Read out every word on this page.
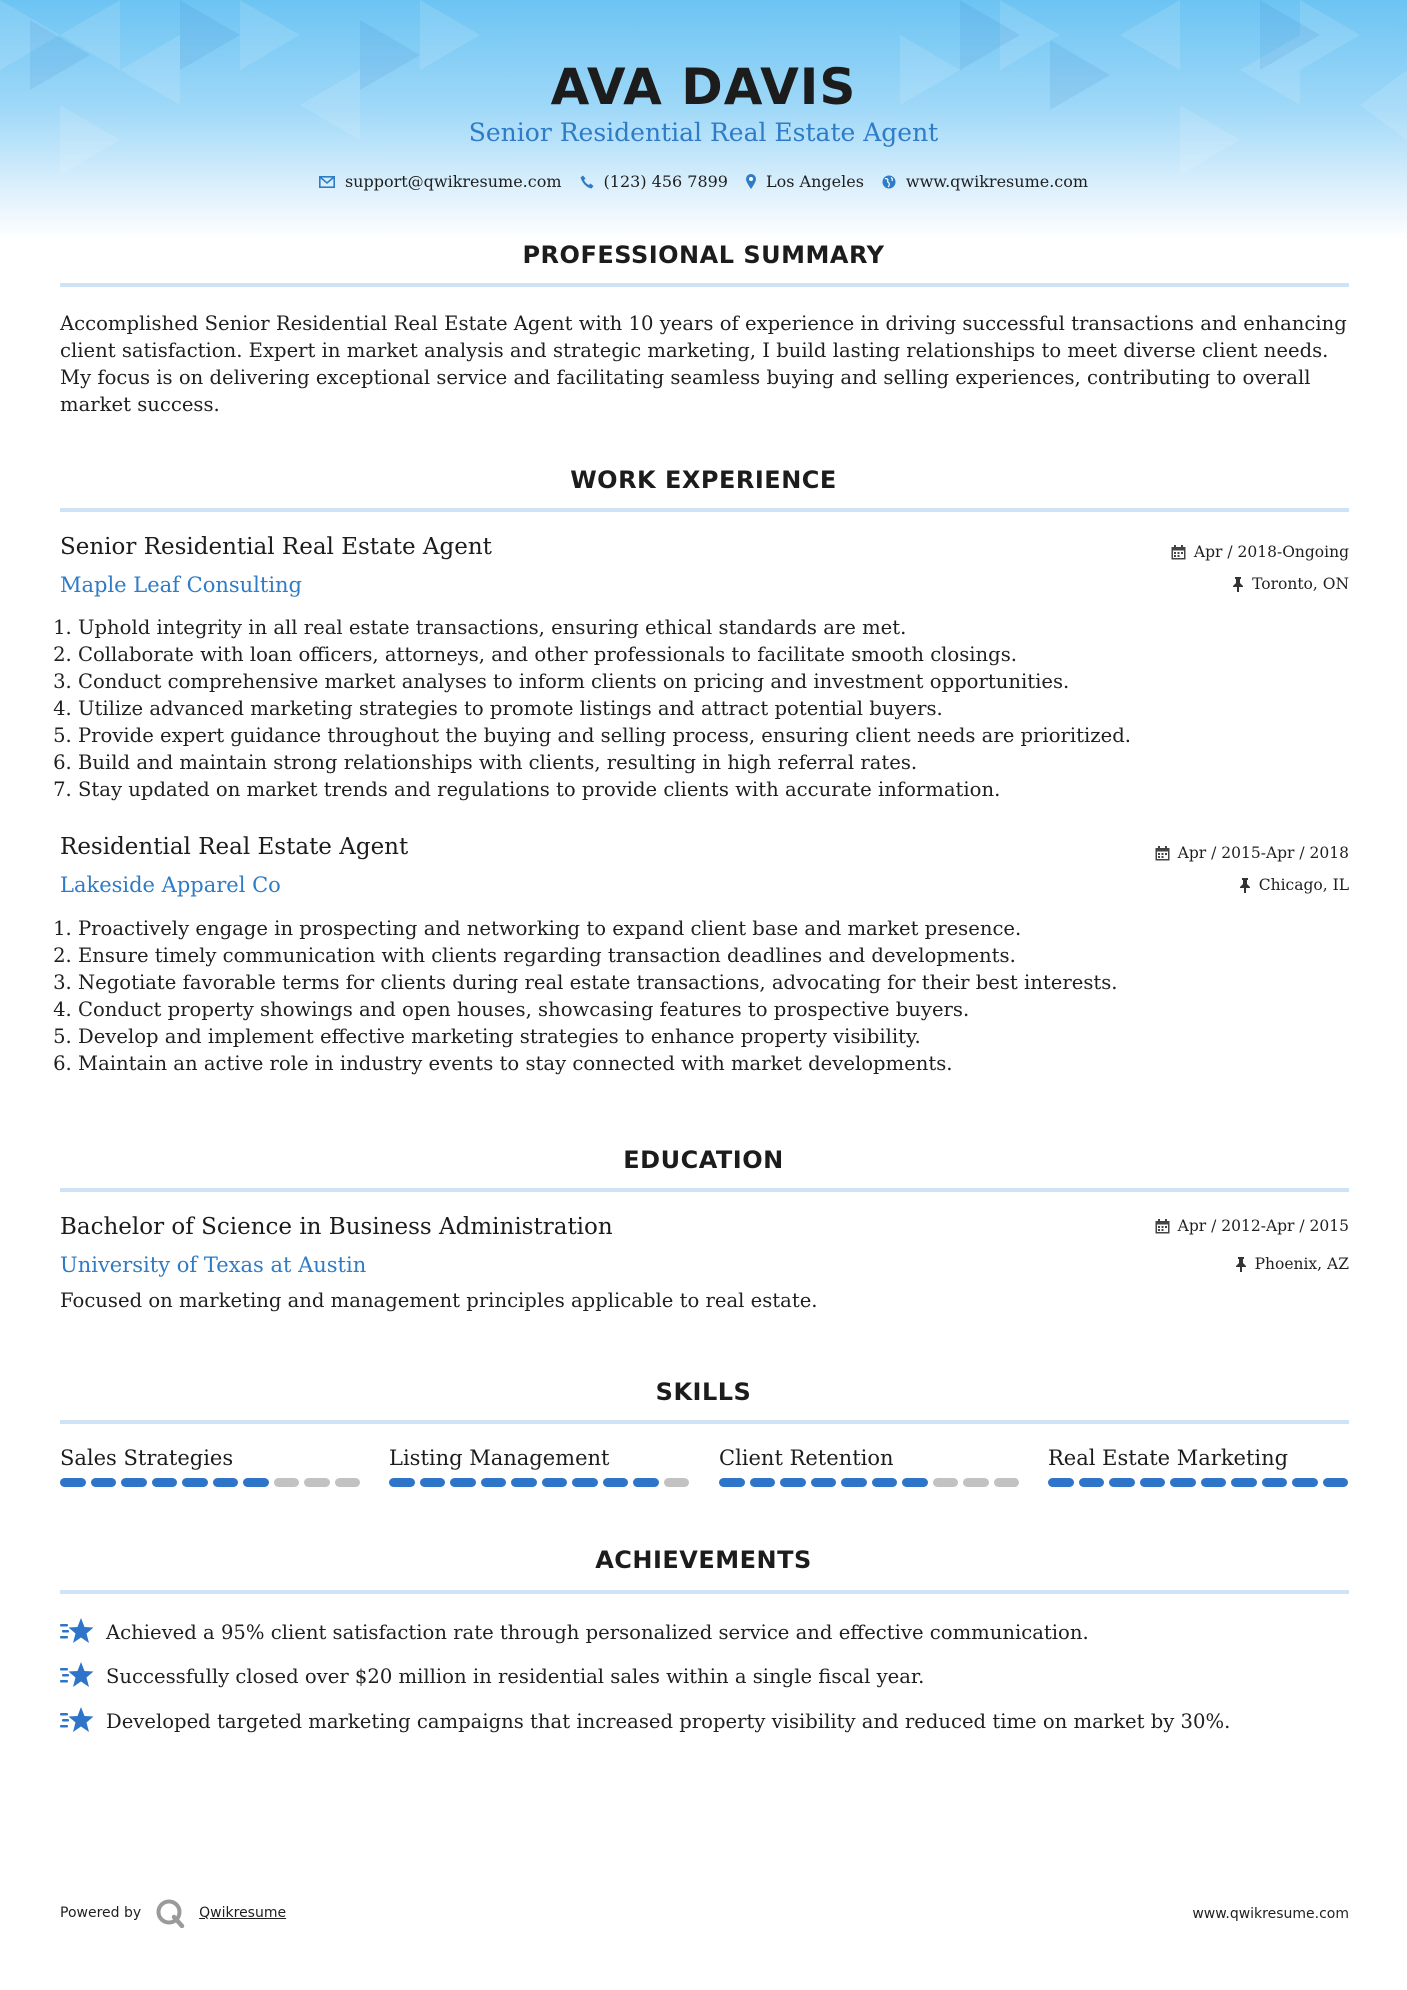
AVA DAVIS
Senior Residential Real Estate Agent
support@qwikresume.com	(123) 456 7899 Los Angeles	www.qwikresume.com
PROFESSIONAL SUMMARY
Accomplished Senior Residential Real Estate Agent with 10 years of experience in driving successful transactions and enhancing client satisfaction. Expert in market analysis and strategic marketing, I build lasting relationships to meet diverse client needs. My focus is on delivering exceptional service and facilitating seamless buying and selling experiences, contributing to overall market success.
WORK EXPERIENCE
Senior Residential Real Estate Agent
Maple Leaf Consulting
Apr / 2018-Ongoing
Toronto, ON
1. Uphold integrity in all real estate transactions, ensuring ethical standards are met.
2. Collaborate with loan officers, attorneys, and other professionals to facilitate smooth closings.
3. Conduct comprehensive market analyses to inform clients on pricing and investment opportunities.
4. Utilize advanced marketing strategies to promote listings and attract potential buyers.
5. Provide expert guidance throughout the buying and selling process, ensuring client needs are prioritized.
6. Build and maintain strong relationships with clients, resulting in high referral rates.
7. Stay updated on market trends and regulations to provide clients with accurate information.
Residential Real Estate Agent
Lakeside Apparel Co
Apr / 2015-Apr / 2018
Chicago, IL
1. Proactively engage in prospecting and networking to expand client base and market presence.
2. Ensure timely communication with clients regarding transaction deadlines and developments.
3. Negotiate favorable terms for clients during real estate transactions, advocating for their best interests.
4. Conduct property showings and open houses, showcasing features to prospective buyers.
5. Develop and implement effective marketing strategies to enhance property visibility.
6. Maintain an active role in industry events to stay connected with market developments.
EDUCATION
Bachelor of Science in Business Administration
University of Texas at Austin
Apr / 2012-Apr / 2015
Phoenix, AZ
Focused on marketing and management principles applicable to real estate.
SKILLS
Sales Strategies	Listing Management	Client Retention	Real Estate Marketing
ACHIEVEMENTS
Achieved a 95% client satisfaction rate through personalized service and effective communication.
Successfully closed over $20 million in residential sales within a single fiscal year.
Developed targeted marketing campaigns that increased property visibility and reduced time on market by 30%.
Powered by	Qwikresume	www.qwikresume.com
